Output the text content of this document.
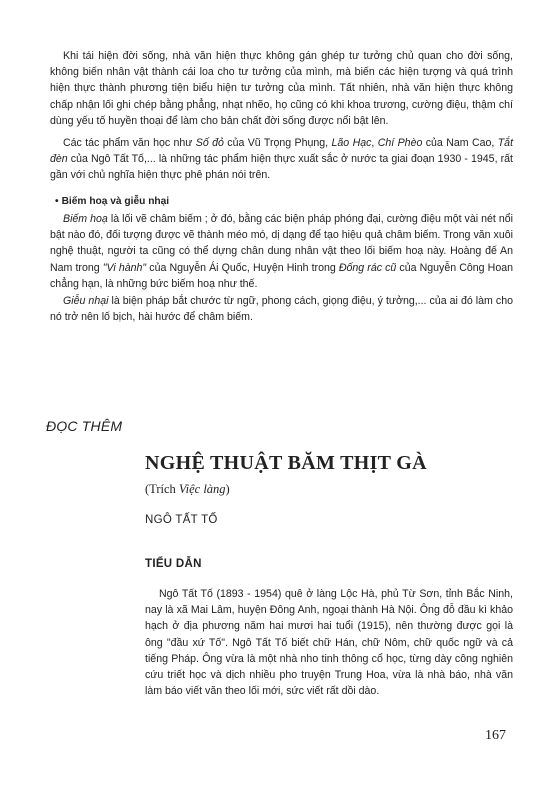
Khi tái hiện đời sống, nhà văn hiện thực không gán ghép tư tưởng chủ quan cho đời sống, không biến nhân vật thành cái loa cho tư tưởng của mình, mà biến các hiện tượng và quá trình hiện thực thành phương tiện biểu hiện tư tưởng của mình. Tất nhiên, nhà văn hiện thực không chấp nhận lối ghi chép bằng phẳng, nhạt nhẽo, họ cũng có khi khoa trương, cường điệu, thậm chí dùng yếu tố huyền thoại để làm cho bản chất đời sống được nổi bật lên.

Các tác phẩm văn học như Số đỏ của Vũ Trọng Phụng, Lão Hạc, Chí Phèo của Nam Cao, Tắt đèn của Ngô Tất Tố,... là những tác phẩm hiện thực xuất sắc ở nước ta giai đoạn 1930 - 1945, rất gần với chủ nghĩa hiện thực phê phán nói trên.

• Biếm hoạ và giễu nhại

Biếm hoạ là lối vẽ châm biếm ; ở đó, bằng các biện pháp phóng đại, cường điệu một vài nét nổi bật nào đó, đối tượng được vẽ thành méo mó, dị dạng để tạo hiệu quả châm biếm. Trong văn xuôi nghệ thuật, người ta cũng có thể dựng chân dung nhân vật theo lối biếm hoạ này. Hoàng đế An Nam trong "Vi hành" của Nguyễn Ái Quốc, Huyện Hinh trong Đống rác cũ của Nguyễn Công Hoan chẳng hạn, là những bức biếm hoạ như thế.

Giễu nhại là biện pháp bắt chước từ ngữ, phong cách, giọng điệu, ý tưởng,... của ai đó làm cho nó trở nên lố bịch, hài hước để châm biếm.

ĐỌC THÊM
NGHỆ THUẬT BĂM THỊT GÀ
(Trích Việc làng)
NGÔ TẤT TỐ
TIỂU DẪN

Ngô Tất Tố (1893 - 1954) quê ở làng Lộc Hà, phủ Từ Sơn, tỉnh Bắc Ninh, nay là xã Mai Lâm, huyện Đông Anh, ngoại thành Hà Nội. Ông đỗ đầu kì khảo hạch ở địa phương năm hai mươi hai tuổi (1915), nên thường được gọi là ông "đầu xứ Tố". Ngô Tất Tố biết chữ Hán, chữ Nôm, chữ quốc ngữ và cả tiếng Pháp. Ông vừa là một nhà nho tinh thông cổ học, từng dày công nghiên cứu triết học và dịch nhiều pho truyện Trung Hoa, vừa là nhà báo, nhà văn làm báo viết văn theo lối mới, sức viết rất dồi dào.

167
